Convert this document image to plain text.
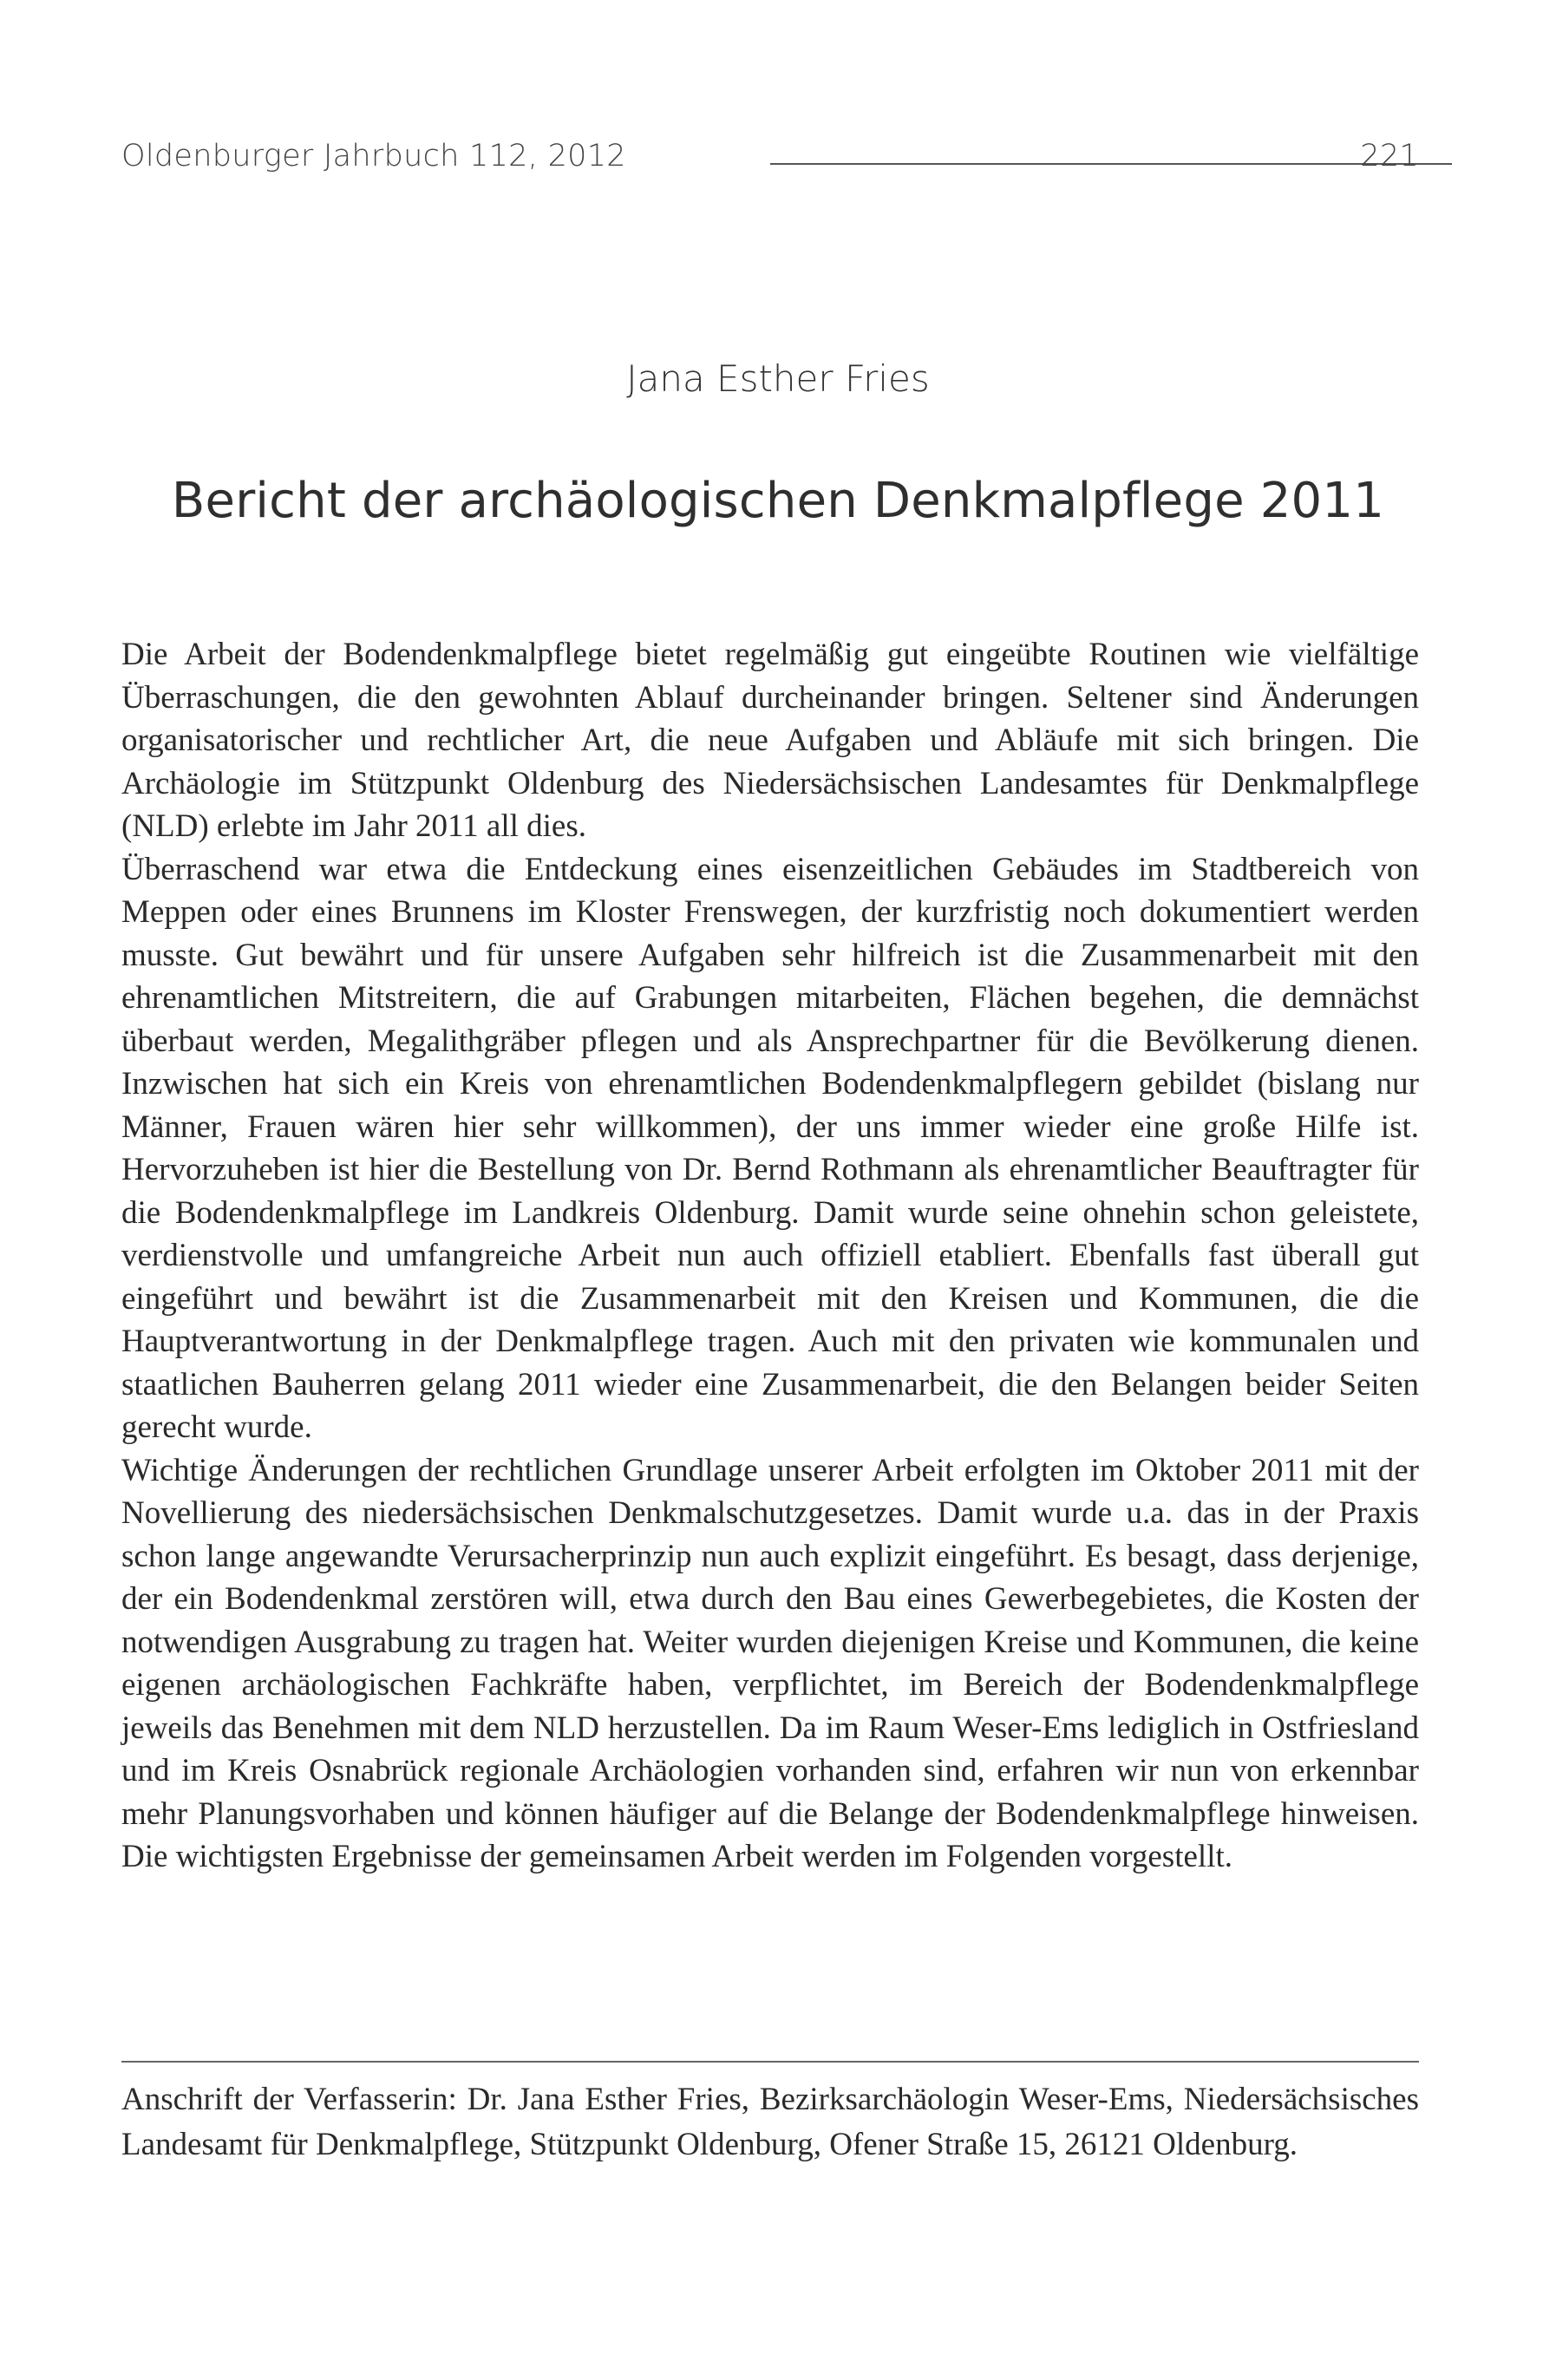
Oldenburger Jahrbuch 112, 2012	221
Jana Esther Fries
Bericht der archäologischen Denkmalpflege 2011

Die Arbeit der Bodendenkmalpflege bietet regelmäßig gut eingeübte Routinen wie vielfältige Überraschungen, die den gewohnten Ablauf durcheinander bringen. Seltener sind Änderungen organisatorischer und rechtlicher Art, die neue Aufgaben und Abläufe mit sich bringen. Die Archäologie im Stützpunkt Oldenburg des Niedersächsischen Landesamtes für Denkmalpflege (NLD) erlebte im Jahr 2011 all dies.

Überraschend war etwa die Entdeckung eines eisenzeitlichen Gebäudes im Stadtbereich von Meppen oder eines Brunnens im Kloster Frenswegen, der kurzfristig noch dokumentiert werden musste. Gut bewährt und für unsere Aufgaben sehr hilfreich ist die Zusammenarbeit mit den ehrenamtlichen Mitstreitern, die auf Grabungen mitarbeiten, Flächen begehen, die demnächst überbaut werden, Megalithgräber pflegen und als Ansprechpartner für die Bevölkerung dienen. Inzwischen hat sich ein Kreis von ehrenamtlichen Bodendenkmalpflegern gebildet (bislang nur Männer, Frauen wären hier sehr willkommen), der uns immer wieder eine große Hilfe ist. Hervorzuheben ist hier die Bestellung von Dr. Bernd Rothmann als ehrenamtlicher Beauftragter für die Bodendenkmalpflege im Landkreis Oldenburg. Damit wurde seine ohnehin schon geleistete, verdienstvolle und umfangreiche Arbeit nun auch offiziell etabliert. Ebenfalls fast überall gut eingeführt und bewährt ist die Zusammenarbeit mit den Kreisen und Kommunen, die die Hauptverantwortung in der Denkmalpflege tragen. Auch mit den privaten wie kommunalen und staatlichen Bauherren gelang 2011 wieder eine Zusammenarbeit, die den Belangen beider Seiten gerecht wurde.

Wichtige Änderungen der rechtlichen Grundlage unserer Arbeit erfolgten im Oktober 2011 mit der Novellierung des niedersächsischen Denkmalschutzgesetzes. Damit wurde u.a. das in der Praxis schon lange angewandte Verursacherprinzip nun auch explizit eingeführt. Es besagt, dass derjenige, der ein Bodendenkmal zerstören will, etwa durch den Bau eines Gewerbegebietes, die Kosten der notwendigen Ausgrabung zu tragen hat. Weiter wurden diejenigen Kreise und Kommunen, die keine eigenen archäologischen Fachkräfte haben, verpflichtet, im Bereich der Bodendenkmalpflege jeweils das Benehmen mit dem NLD herzustellen. Da im Raum Weser-Ems lediglich in Ostfriesland und im Kreis Osnabrück regionale Archäologien vorhanden sind, erfahren wir nun von erkennbar mehr Planungsvorhaben und können häufiger auf die Belange der Bodendenkmalpflege hinweisen. Die wichtigsten Ergebnisse der gemeinsamen Arbeit werden im Folgenden vorgestellt.

Anschrift der Verfasserin: Dr. Jana Esther Fries, Bezirksarchäologin Weser-Ems, Niedersächsisches Landesamt für Denkmalpflege, Stützpunkt Oldenburg, Ofener Straße 15, 26121 Oldenburg.
